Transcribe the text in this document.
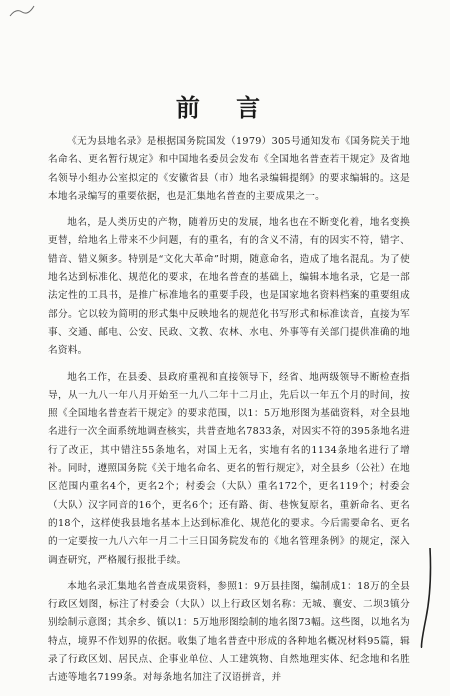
前 言

《无为县地名录》是根据国务院国发（1979）305号通知发布《国务院关于地名命名、更名暂行规定》和中国地名委员会发布《全国地名普查若干规定》及省地名领导小组办公室拟定的《安徽省县（市）地名录编辑提纲》的要求编辑的。这是本地名录编写的重要依据，也是汇集地名普查的主要成果之一。

地名，是人类历史的产物，随着历史的发展，地名也在不断变化着，地名变换更替，给地名上带来不少问题，有的重名，有的含义不清，有的因实不符，错字、错音、错义频多。特别是“文化大革命”时期，随意命名，造成了地名混乱。为了使地名达到标准化、规范化的要求，在地名普查的基础上，编辑本地名录，它是一部法定性的工具书，是推广标准地名的重要手段，也是国家地名资料档案的重要组成部分。它以较为简明的形式集中反映地名的规范化书写形式和标准读音，直接为军事、交通、邮电、公安、民政、文教、农林、水电、外事等有关部门提供准确的地名资料。

地名工作，在县委、县政府重视和直接领导下，经省、地两级领导不断检查指导，从一九八一年八月开始至一九八二年十二月止，先后以一年五个月的时间，按照《全国地名普查若干规定》的要求范围，以1：5万地形图为基础资料，对全县地名进行一次全面系统地调查核实，共普查地名7833条，对因实不符的395条地名进行了改正，其中错注55条地名，对国上无名，实地有名的1134条地名进行了增补。同时，遵照国务院《关于地名命名、更名的暂行规定》，对全县乡（公社）在地区范围内重名4个，更名2个；村委会（大队）重名172个，更名119个；村委会（大队）汉字同音的16个，更名6个；还有路、街、巷恢复原名，重新命名、更名的18个，这样使我县地名基本上达到标准化、规范化的要求。今后需要命名、更名的一定要按一九八六年一月二十三日国务院发布的《地名管理条例》的规定，深入调查研究，严格履行报批手续。

本地名录汇集地名普查成果资料，参照1：9万县挂图，编制成1：18万的全县行政区划图，标注了村委会（大队）以上行政区划名称：无城、襄安、二坝3镇分别绘制示意图；其余乡、镇以1：5万地形图绘制的地名图73幅。这些图，以地名为特点，境界不作划界的依据。收集了地名普查中形成的各种地名概况材料95篇，辑录了行政区划、居民点、企事业单位、人工建筑物、自然地理实体、纪念地和名胜古迹等地名7199条。对每条地名加注了汉语拼音，并
